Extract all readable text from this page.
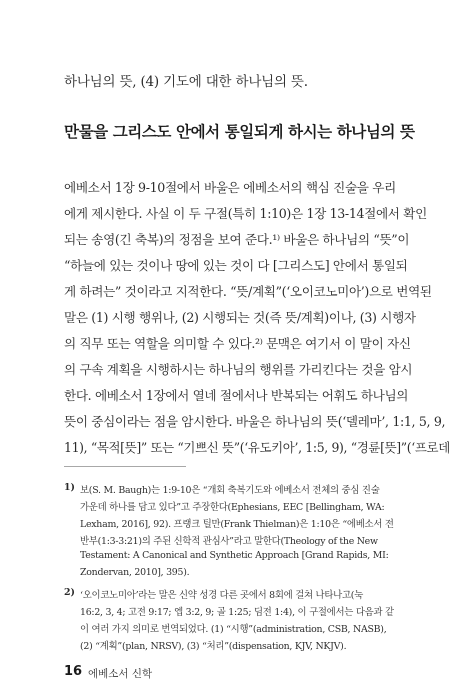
하나님의 뜻, (4) 기도에 대한 하나님의 뜻.
만물을 그리스도 안에서 통일되게 하시는 하나님의 뜻
에베소서 1장 9-10절에서 바울은 에베소서의 핵심 진술을 우리
에게 제시한다. 사실 이 두 구절(특히 1:10)은 1장 13-14절에서 확인
되는 송영(긴 축복)의 정점을 보여 준다.¹⁾ 바울은 하나님의 “뜻”이
“하늘에 있는 것이나 땅에 있는 것이 다 [그리스도] 안에서 통일되
게 하려는” 것이라고 지적한다. “뜻/계획”(‘오이코노미아’)으로 번역된
말은 (1) 시행 행위나, (2) 시행되는 것(즉 뜻/계획)이나, (3) 시행자
의 직무 또는 역할을 의미할 수 있다.²⁾ 문맥은 여기서 이 말이 자신
의 구속 계획을 시행하시는 하나님의 행위를 가리킨다는 것을 암시
한다. 에베소서 1장에서 열네 절에서나 반복되는 어휘도 하나님의
뜻이 중심이라는 점을 암시한다. 바울은 하나님의 뜻(‘델레마’, 1:1, 5, 9,
11), “목적[뜻]” 또는 “기쁘신 뜻”(‘유도키아’, 1:5, 9), “경륜[뜻]”(‘프로데
1) 보(S. M. Baugh)는 1:9-10은 “개회 축복기도와 에베소서 전체의 중심 진술
가운데 하나를 담고 있다”고 주장한다(Ephesians, EEC [Bellingham, WA:
Lexham, 2016], 92). 프랭크 틸만(Frank Thielman)은 1:10은 “에베소서 전
반부(1:3-3:21)의 주된 신학적 관심사”라고 말한다(Theology of the New
Testament: A Canonical and Synthetic Approach [Grand Rapids, MI:
Zondervan, 2010], 395).
2) ‘오이코노미아’라는 말은 신약 성경 다른 곳에서 8회에 걸쳐 나타나고(눅
16:2, 3, 4; 고전 9:17; 엡 3:2, 9; 골 1:25; 딤전 1:4), 이 구절에서는 다음과 같
이 여러 가지 의미로 번역되었다. (1) “시행”(administration, CSB, NASB),
(2) “계획”(plan, NRSV), (3) “처리”(dispensation, KJV, NKJV).
16 에베소서 신학
